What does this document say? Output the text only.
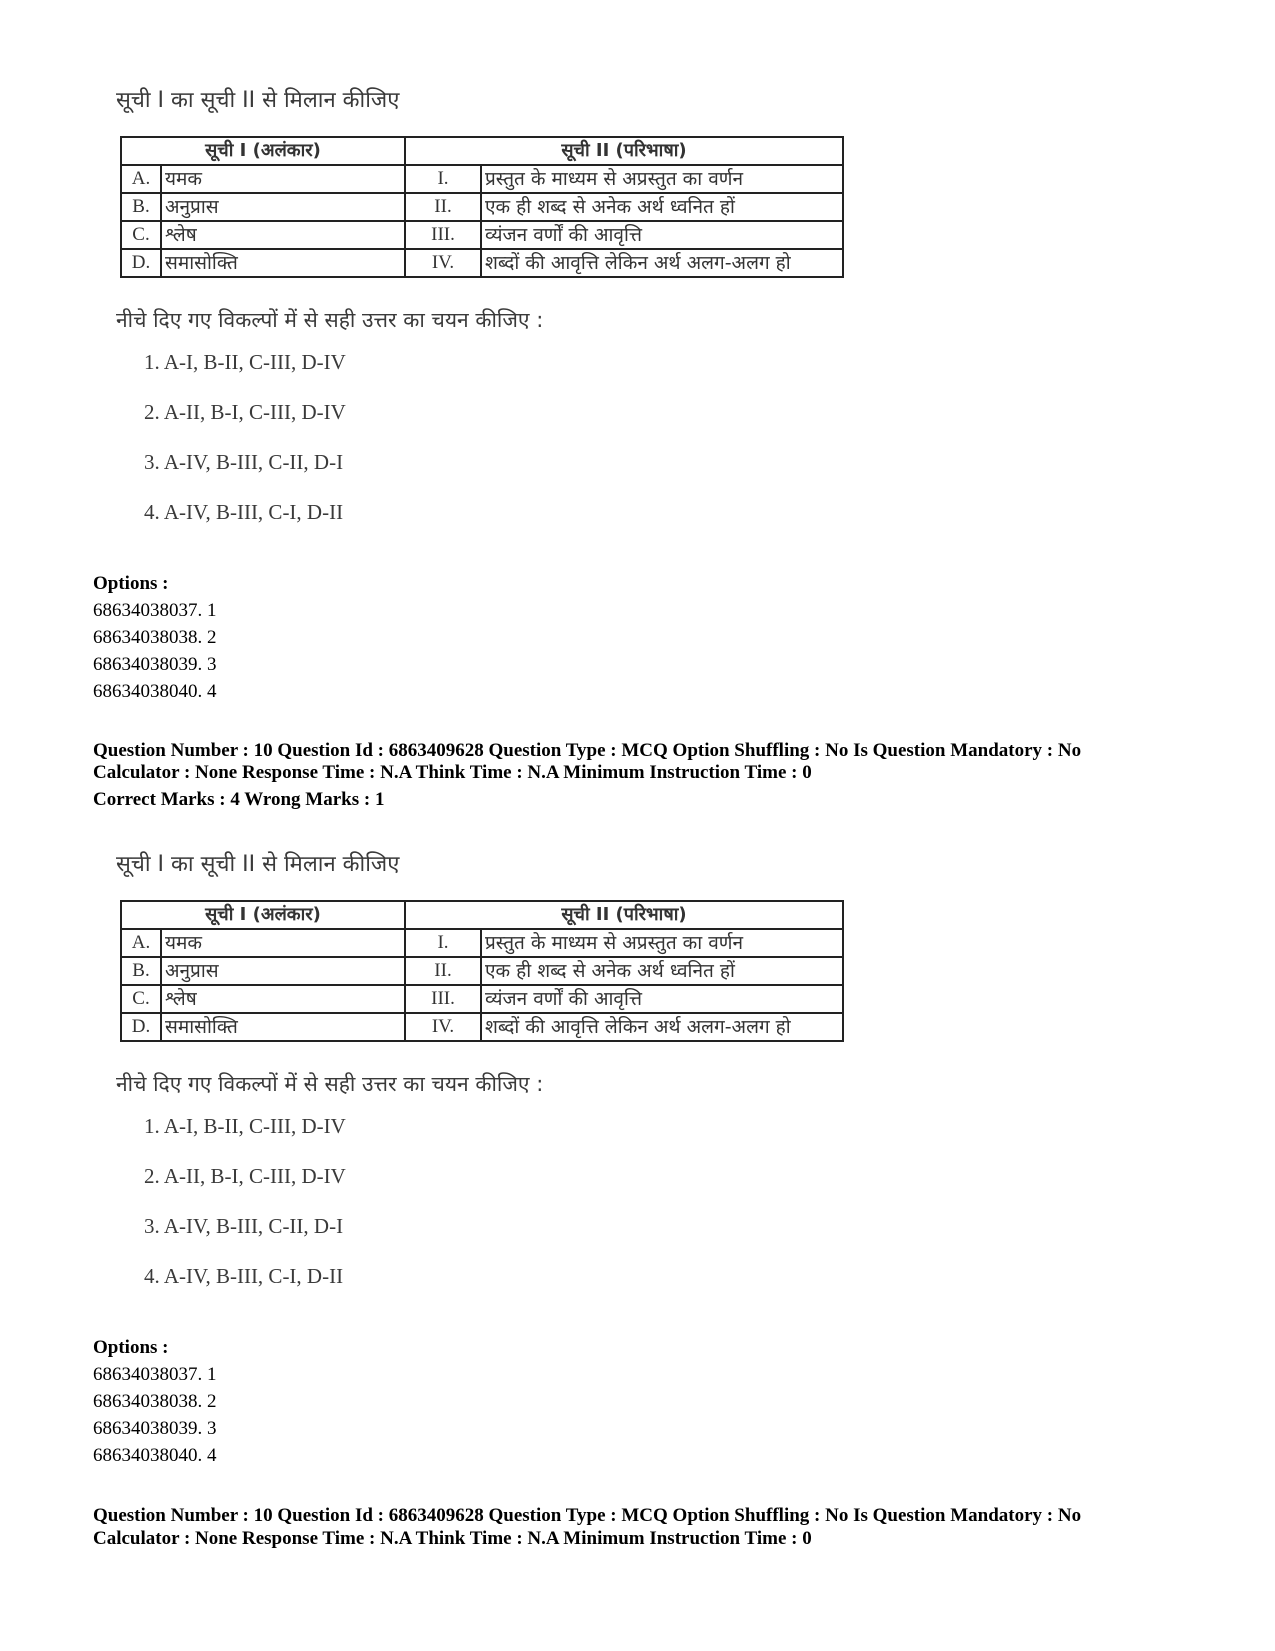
सूची I का सूची II से मिलान कीजिए
सूची I (अलंकार)		सूची II (परिभाषा)	
A.	यमक	I.	प्रस्तुत के माध्यम से अप्रस्तुत का वर्णन
B.	अनुप्रास	II.	एक ही शब्द से अनेक अर्थ ध्वनित हों
C.	श्लेष	III.	व्यंजन वर्णों की आवृत्ति
D.	समासोक्ति	IV.	शब्दों की आवृत्ति लेकिन अर्थ अलग-अलग हो
नीचे दिए गए विकल्पों में से सही उत्तर का चयन कीजिए :
1. A-I, B-II, C-III, D-IV
2. A-II, B-I, C-III, D-IV
3. A-IV, B-III, C-II, D-I
4. A-IV, B-III, C-I, D-II
Options :
68634038037. 1
68634038038. 2
68634038039. 3
68634038040. 4
Question Number : 10 Question Id : 6863409628 Question Type : MCQ Option Shuffling : No Is Question Mandatory : No
Calculator : None Response Time : N.A Think Time : N.A Minimum Instruction Time : 0
Correct Marks : 4 Wrong Marks : 1
सूची I का सूची II से मिलान कीजिए
सूची I (अलंकार)		सूची II (परिभाषा)	
A.	यमक	I.	प्रस्तुत के माध्यम से अप्रस्तुत का वर्णन
B.	अनुप्रास	II.	एक ही शब्द से अनेक अर्थ ध्वनित हों
C.	श्लेष	III.	व्यंजन वर्णों की आवृत्ति
D.	समासोक्ति	IV.	शब्दों की आवृत्ति लेकिन अर्थ अलग-अलग हो
नीचे दिए गए विकल्पों में से सही उत्तर का चयन कीजिए :
1. A-I, B-II, C-III, D-IV
2. A-II, B-I, C-III, D-IV
3. A-IV, B-III, C-II, D-I
4. A-IV, B-III, C-I, D-II
Options :
68634038037. 1
68634038038. 2
68634038039. 3
68634038040. 4
Question Number : 10 Question Id : 6863409628 Question Type : MCQ Option Shuffling : No Is Question Mandatory : No
Calculator : None Response Time : N.A Think Time : N.A Minimum Instruction Time : 0
